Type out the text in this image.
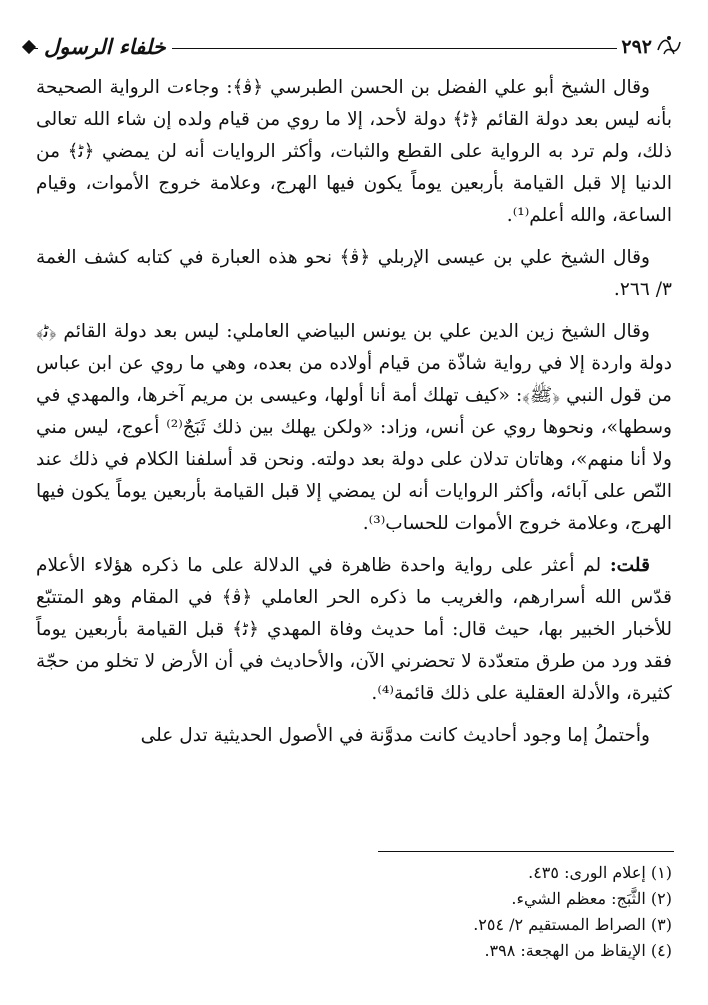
خلفاء الرسول	٢٩٢

وقال الشيخ أبو علي الفضل بن الحسن الطبرسي ﴿ﭬ﴾: وجاءت الرواية الصحيحة بأنه ليس بعد دولة القائم ﴿ﭨ﴾ دولة لأحد، إلا ما روي من قيام ولده إن شاء الله تعالى ذلك، ولم ترد به الرواية على القطع والثبات، وأكثر الروايات أنه لن يمضي ﴿ﭨ﴾ من الدنيا إلا قبل القيامة بأربعين يوماً يكون فيها الهرج، وعلامة خروج الأموات، وقيام الساعة، والله أعلم⁽¹⁾.

وقال الشيخ علي بن عيسى الإربلي ﴿ﭬ﴾ نحو هذه العبارة في كتابه كشف الغمة ٣/ ٢٦٦.

وقال الشيخ زين الدين علي بن يونس البياضي العاملي: ليس بعد دولة القائم ﴿ﭨ﴾ دولة واردة إلا في رواية شاذّة من قيام أولاده من بعده، وهي ما روي عن ابن عباس من قول النبي ﴿ﷺ﴾: «كيف تهلك أمة أنا أولها، وعيسى بن مريم آخرها، والمهدي في وسطها»، ونحوها روي عن أنس، وزاد: «ولكن يهلك بين ذلك ثَبَجٌ⁽²⁾ أعوج، ليس مني ولا أنا منهم»، وهاتان تدلان على دولة بعد دولته. ونحن قد أسلفنا الكلام في ذلك عند النّص على آبائه، وأكثر الروايات أنه لن يمضي إلا قبل القيامة بأربعين يوماً يكون فيها الهرج، وعلامة خروج الأموات للحساب⁽³⁾.

قلت: لم أعثر على رواية واحدة ظاهرة في الدلالة على ما ذكره هؤلاء الأعلام قدّس الله أسرارهم، والغريب ما ذكره الحر العاملي ﴿ﭬ﴾ في المقام وهو المتتبّع للأخبار الخبير بها، حيث قال: أما حديث وفاة المهدي ﴿ﭨ﴾ قبل القيامة بأربعين يوماً فقد ورد من طرق متعدّدة لا تحضرني الآن، والأحاديث في أن الأرض لا تخلو من حجّة كثيرة، والأدلة العقلية على ذلك قائمة⁽⁴⁾.

وأحتملُ إما وجود أحاديث كانت مدوَّنة في الأصول الحديثية تدل على

(١) إعلام الورى: ٤٣٥.
(٢) الثَّبَج: معظم الشيء.
(٣) الصراط المستقيم ٢/ ٢٥٤.
(٤) الإيقاظ من الهجعة: ٣٩٨.
